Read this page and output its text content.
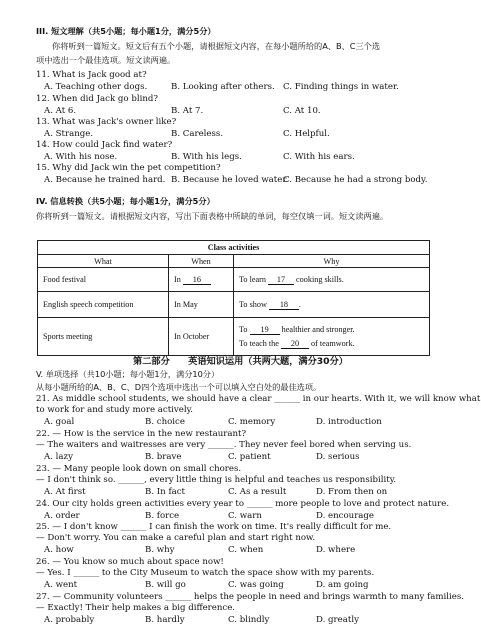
III. 短文理解（共5小题；每小题1分，满分5分）
你将听到一篇短文。短文后有五个小题，请根据短文内容，在每小题所给的A、B、C三个选
项中选出一个最佳选项。短文读两遍。
11. What is Jack good at?
A. Teaching other dogs.	B. Looking after others. C. Finding things in water.
12. When did Jack go blind?
A. At 6.	B. At 7.	C. At 10.
13. What was Jack's owner like?
A. Strange.	B. Careless.	C. Helpful.
14. How could Jack find water?
A. With his nose.	B. With his legs.	C. With his ears.
15. Why did Jack win the pet competition?
A. Because he trained hard. B. Because he loved water.
C. Because he had a strong body.
IV. 信息转换（共5小题；每小题1分，满分5分）
你将听到一篇短文。请根据短文内容，写出下面表格中所缺的单词，每空仅填一词。短文读两遍。
Class activities		
What	When	Why
Food festival	In 16	To learn 17 cooking skills.
English speech competition	In May	To show 18 .
Sports meeting	In October	To 19 healthier and stronger.
To teach the 20 of teamwork.
第二部分　　英语知识运用（共两大题，满分30分）
V. 单项选择（共10小题；每小题1分，满分10分）
从每小题所给的A、B、C、D四个选项中选出一个可以填入空白处的最佳选项。
21. As middle school students, we should have a clear ______ in our hearts. With it, we will know what
to work for and study more actively.
A. goal	B. choice	C. memory	D. introduction
22. — How is the service in the new restaurant?
— The waiters and waitresses are very ______. They never feel bored when serving us.
A. lazy	B. brave	C. patient	D. serious
23. — Many people look down on small chores.
— I don't think so. ______, every little thing is helpful and teaches us responsibility.
A. At first	B. In fact	C. As a result	D. From then on
24. Our city holds green activities every year to ______ more people to love and protect nature.
A. order	B. force	C. warn	D. encourage
25. — I don't know ______ I can finish the work on time. It's really difficult for me.
— Don't worry. You can make a careful plan and start right now.
A. how	B. why	C. when	D. where
26. — You know so much about space now!
— Yes. I ______ to the City Museum to watch the space show with my parents.
A. went	B. will go	C. was going	D. am going
27. — Community volunteers ______ helps the people in need and brings warmth to many families.
— Exactly! Their help makes a big difference.
A. probably	B. hardly	C. blindly	D. greatly
